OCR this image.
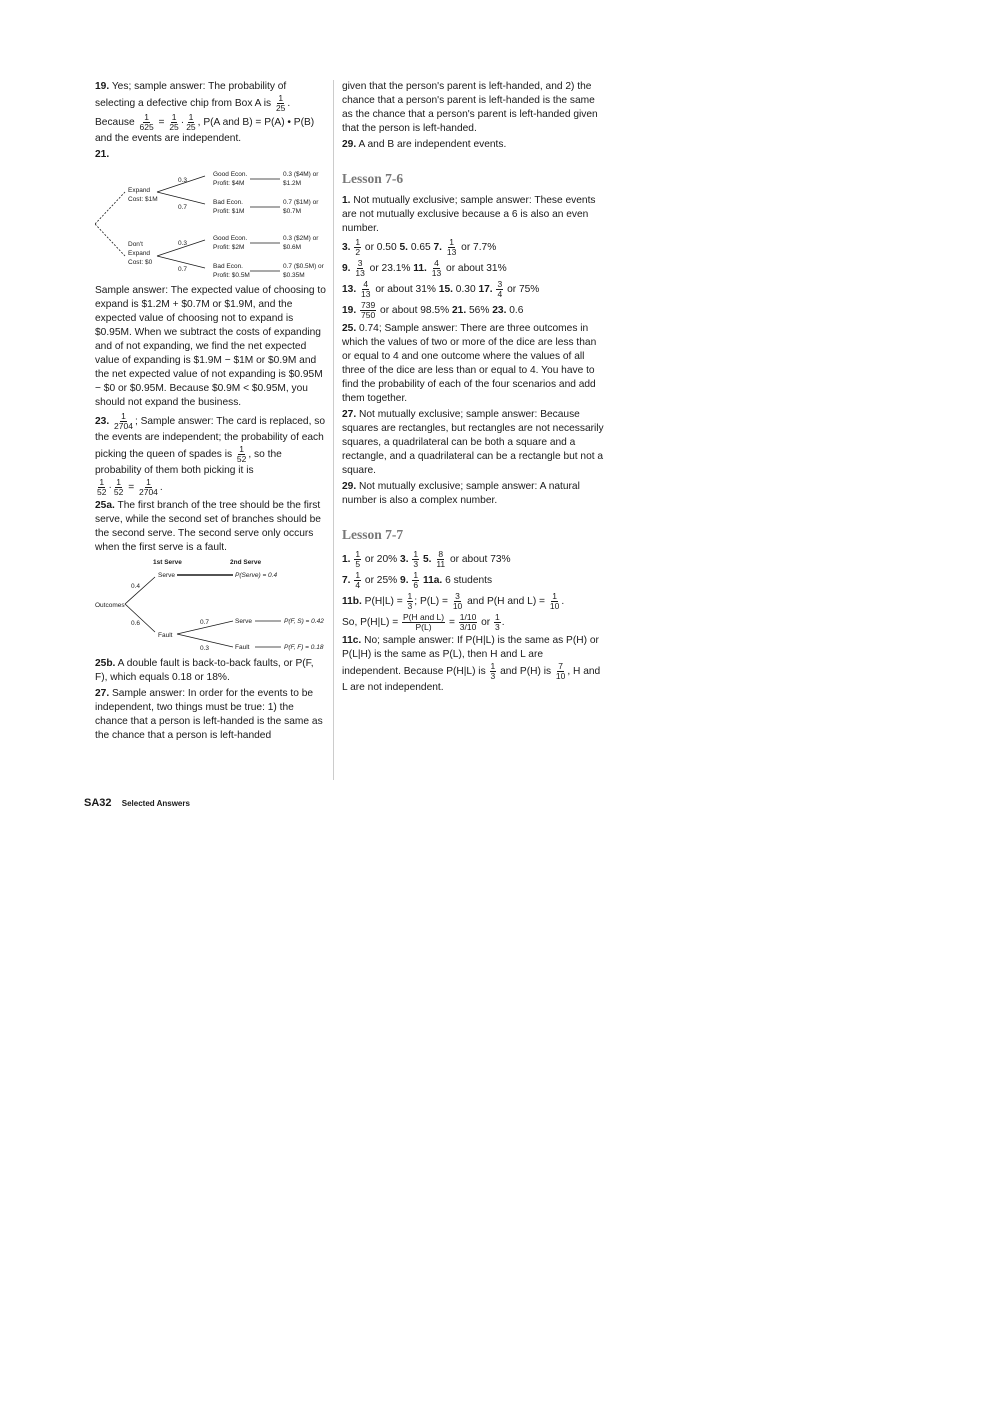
19. Yes; sample answer: The probability of selecting a defective chip from Box A is $\frac{1}{25}$ . Because $\frac{1}{625} = \frac{1}{25} \cdot \frac{1}{25}$ , P(A and B) = P(A) • P(B) and the events are independent.

21.

Expand
Cost: $1M
Don't
Expand
Cost: $0
0.3
0.7
0.3
0.7
Good Econ.
Profit: $4M
Bad Econ.
Profit: $1M
Good Econ.
Profit: $2M
Bad Econ.
Profit: $0.5M
0.3 ($4M) or
$1.2M
0.7 ($1M) or
$0.7M
0.3 ($2M) or
$0.6M
0.7 ($0.5M) or
$0.35M

Sample answer: The expected value of choosing to expand is $1.2M + $0.7M or $1.9M, and the expected value of choosing not to expand is $0.95M. When we subtract the costs of expanding and of not expanding, we find the net expected value of expanding is $1.9M − $1M or $0.9M and the net expected value of not expanding is $0.95M − $0 or $0.95M. Because $0.9M < $0.95M, you should not expand the business.

23. $\frac{1}{2704}$ ; Sample answer: The card is replaced, so the events are independent; the probability of each picking the queen of spades is $\frac{1}{52}$ , so the probability of them both picking it is

$\frac{1}{52} \cdot \frac{1}{52} = \frac{1}{2704}$ .

25a. The first branch of the tree should be the first serve, while the second set of branches should be the second serve. The second serve only occurs when the first serve is a fault.

1st Serve	2nd Serve
Outcomes
0.4
0.6	0.7
0.3
Serve
Fault
Serve
Fault
P(Serve) = 0.4
P(F, S) = 0.42
P(F, F) = 0.18

25b. A double fault is back-to-back faults, or P(F, F), which equals 0.18 or 18%.

27. Sample answer: In order for the events to be independent, two things must be true: 1) the chance that a person is left-handed is the same as the chance that a person is left-handed

given that the person's parent is left-handed, and 2) the chance that a person's parent is left-handed is the same as the chance that a person's parent is left-handed given that the person is left-handed.

29. A and B are independent events.

Lesson 7-6

1. Not mutually exclusive; sample answer: These events are not mutually exclusive because a 6 is also an even number.

3. $\frac{1}{2}$ or 0.50 5. 0.65 7. $\frac{1}{13}$ or 7.7%

9. $\frac{3}{13}$ or 23.1% 11. $\frac{4}{13}$ or about 31%

13. $\frac{4}{13}$ or about 31% 15. 0.30 17. $\frac{3}{4}$ or 75%

19. $\frac{739}{750}$ or about 98.5% 21. 56% 23. 0.6

25. 0.74; Sample answer: There are three outcomes in which the values of two or more of the dice are less than or equal to 4 and one outcome where the values of all three of the dice are less than or equal to 4. You have to find the probability of each of the four scenarios and add them together.

27. Not mutually exclusive; sample answer: Because squares are rectangles, but rectangles are not necessarily squares, a quadrilateral can be both a square and a rectangle, and a quadrilateral can be a rectangle but not a square.

29. Not mutually exclusive; sample answer: A natural number is also a complex number.

Lesson 7-7

1. $\frac{1}{5}$ or 20% 3. $\frac{1}{3} 5$. $\frac{8}{11}$ or about 73%

7. $\frac{1}{4}$ or 25% 9. $\frac{1}{6} 11a$. 6 students

11b. $P(H|L) = \frac{1}{3}$ ; $P(L) = \frac{3}{10}$ and P(H and $L) = \frac{1}{10}$ .

So, $P(H|L) = \frac{\text{P(H and L)}}{P(L)} = \frac{1/10}{3/10}$ or $\frac{1}{3}$ .

11c. No; sample answer: If P(H|L) is the same as P(H) or P(L|H) is the same as P(L), then H and L are independent. Because P(H|L) is $\frac{1}{3}$ and P(H) is $\frac{7}{10}$ , H and L are not independent.

SA32 Selected Answers
